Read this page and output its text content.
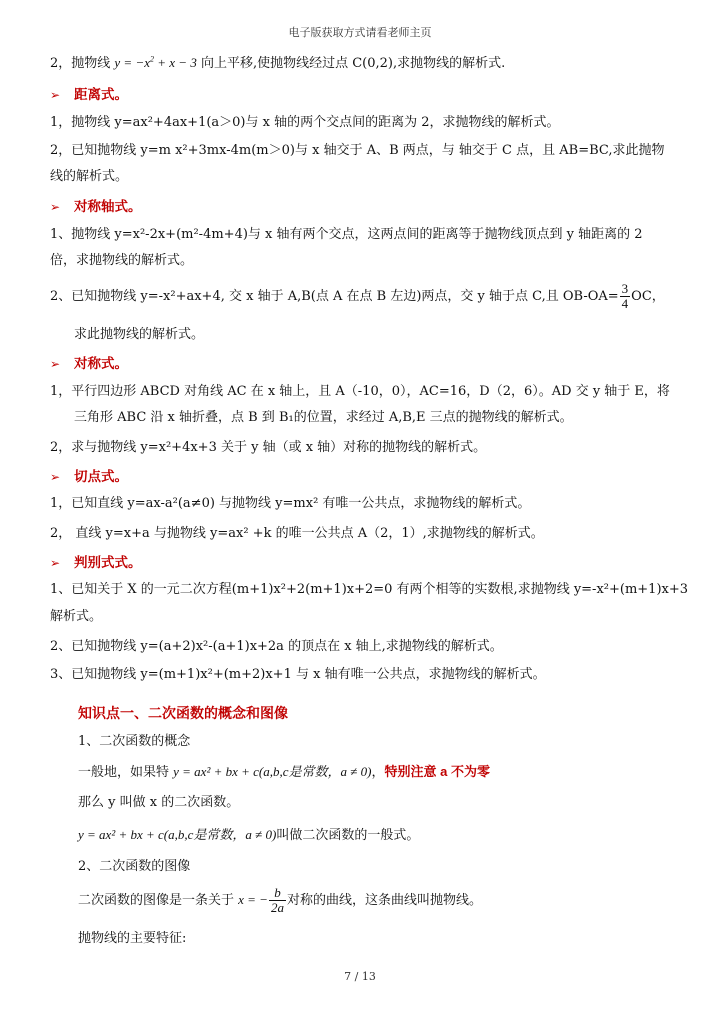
电子版获取方式请看老师主页
2，抛物线 $y = -x^2 + x - 3$ 向上平移,使抛物线经过点 C(0,2),求抛物线的解析式.
➢ 距离式。
1，抛物线 y=ax²+4ax+1(a＞0)与 x 轴的两个交点间的距离为 2，求抛物线的解析式。
2，已知抛物线 y=m x²+3mx-4m(m＞0)与 x 轴交于 A、B 两点，与 轴交于 C 点，且 AB=BC,求此抛物
线的解析式。
➢ 对称轴式。
1、抛物线 y=x²-2x+(m²-4m+4)与 x 轴有两个交点，这两点间的距离等于抛物线顶点到 y 轴距离的 2
倍，求抛物线的解析式。
2、已知抛物线 y=-x²+ax+4, 交 x 轴于 A,B(点 A 在点 B 左边)两点，交 y 轴于点 C,且 $OB-OA= \frac{3}{4}$ OC，
求此抛物线的解析式。
➢ 对称式。
1，平行四边形 ABCD 对角线 AC 在 x 轴上，且 A（-10，0），AC=16，D（2，6）。AD 交 y 轴于 E，将
三角形 ABC 沿 x 轴折叠，点 B 到 B₁的位置，求经过 A,B,E 三点的抛物线的解析式。
2，求与抛物线 y=x²+4x+3 关于 y 轴（或 x 轴）对称的抛物线的解析式。
➢ 切点式。
1，已知直线 y=ax-a²(a≠0) 与抛物线 y=mx² 有唯一公共点，求抛物线的解析式。
2， 直线 y=x+a 与抛物线 y=ax² +k 的唯一公共点 A（2，1）,求抛物线的解析式。
➢ 判别式式。
1、已知关于 X 的一元二次方程(m+1)x²+2(m+1)x+2=0 有两个相等的实数根,求抛物线 y=-x²+(m+1)x+3
解析式。
2、已知抛物线 y=(a+2)x²-(a+1)x+2a 的顶点在 x 轴上,求抛物线的解析式。
3、已知抛物线 y=(m+1)x²+(m+2)x+1 与 x 轴有唯一公共点，求抛物线的解析式。
知识点一、二次函数的概念和图像
1、二次函数的概念
一般地，如果特 y = ax² + bx + c(a,b,c是常数，a ≠ 0)，特别注意 a 不为零
那么 y 叫做 x 的二次函数。
y = ax² + bx + c(a,b,c是常数，a ≠ 0)叫做二次函数的一般式。
2、二次函数的图像
二次函数的图像是一条关于 x = − $\frac{b}{2a}$ 对称的曲线，这条曲线叫抛物线。
抛物线的主要特征:
7 / 13
